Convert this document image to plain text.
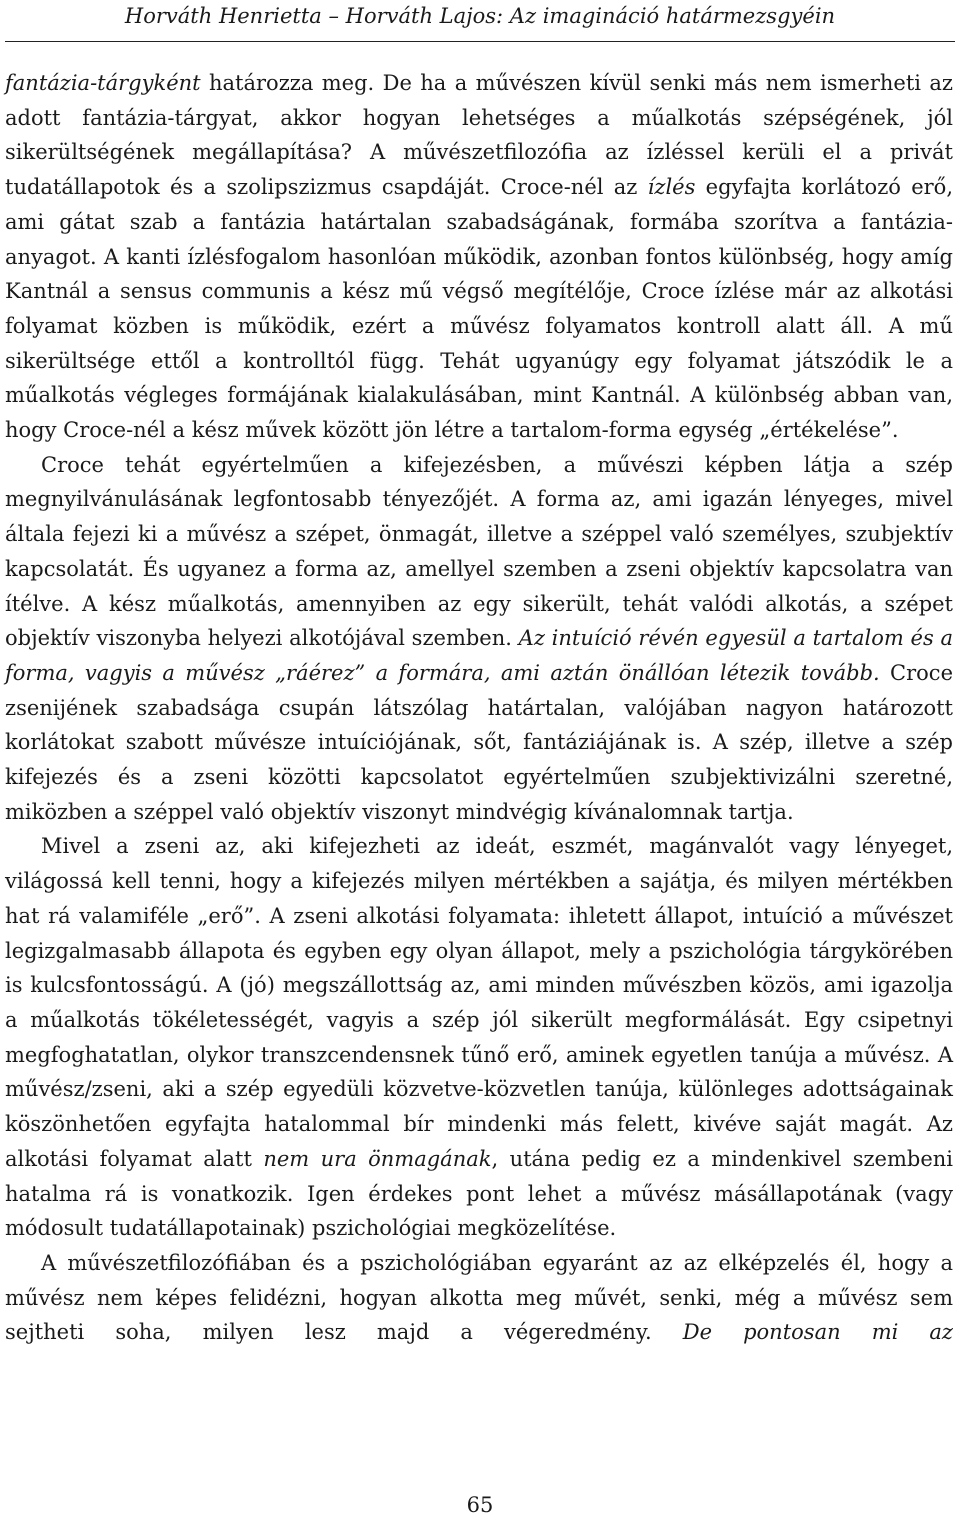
Horváth Henrietta – Horváth Lajos: Az imagináció határmezsgyéin

fantázia-tárgyként határozza meg. De ha a művészen kívül senki más nem ismerheti az adott fantázia-tárgyat, akkor hogyan lehetséges a műalkotás szépségének, jól sikerültségének megállapítása? A művészetfilozófia az ízléssel kerüli el a privát tudatállapotok és a szolipszizmus csapdáját. Croce-nél az ízlés egyfajta korlátozó erő, ami gátat szab a fantázia határtalan szabadságának, formába szorítva a fantázia-anyagot. A kanti ízlésfogalom hasonlóan működik, azonban fontos különbség, hogy amíg Kantnál a sensus communis a kész mű végső megítélője, Croce ízlése már az alkotási folyamat közben is működik, ezért a művész folyamatos kontroll alatt áll. A mű sikerültsége ettől a kontrolltól függ. Tehát ugyanúgy egy folyamat játszódik le a műalkotás végleges formájának kialakulásában, mint Kantnál. A különbség abban van, hogy Croce-nél a kész művek között jön létre a tartalom-forma egység „értékelése”.

Croce tehát egyértelműen a kifejezésben, a művészi képben látja a szép megnyilvánulásának legfontosabb tényezőjét. A forma az, ami igazán lényeges, mivel általa fejezi ki a művész a szépet, önmagát, illetve a széppel való személyes, szubjektív kapcsolatát. És ugyanez a forma az, amellyel szemben a zseni objektív kapcsolatra van ítélve. A kész műalkotás, amennyiben az egy sikerült, tehát valódi alkotás, a szépet objektív viszonyba helyezi alkotójával szemben. Az intuíció révén egyesül a tartalom és a forma, vagyis a művész „ráérez” a formára, ami aztán önállóan létezik tovább. Croce zsenijének szabadsága csupán látszólag határtalan, valójában nagyon határozott korlátokat szabott művésze intuíciójának, sőt, fantáziájának is. A szép, illetve a szép kifejezés és a zseni közötti kapcsolatot egyértelműen szubjektivizálni szeretné, miközben a széppel való objektív viszonyt mindvégig kívánalomnak tartja.

Mivel a zseni az, aki kifejezheti az ideát, eszmét, magánvalót vagy lényeget, világossá kell tenni, hogy a kifejezés milyen mértékben a sajátja, és milyen mértékben hat rá valamiféle „erő”. A zseni alkotási folyamata: ihletett állapot, intuíció a művészet legizgalmasabb állapota és egyben egy olyan állapot, mely a pszichológia tárgykörében is kulcsfontosságú. A (jó) megszállottság az, ami minden művészben közös, ami igazolja a műalkotás tökéletességét, vagyis a szép jól sikerült megformálását. Egy csipetnyi megfoghatatlan, olykor transzcendensnek tűnő erő, aminek egyetlen tanúja a művész. A művész/zseni, aki a szép egyedüli közvetve-közvetlen tanúja, különleges adottságainak köszönhetően egyfajta hatalommal bír mindenki más felett, kivéve saját magát. Az alkotási folyamat alatt nem ura önmagának, utána pedig ez a mindenkivel szembeni hatalma rá is vonatkozik. Igen érdekes pont lehet a művész másállapotának (vagy módosult tudatállapotainak) pszichológiai megközelítése.

A művészetfilozófiában és a pszichológiában egyaránt az az elképzelés él, hogy a művész nem képes felidézni, hogyan alkotta meg művét, senki, még a művész sem sejtheti soha, milyen lesz majd a végeredmény. De pontosan mi az

65
